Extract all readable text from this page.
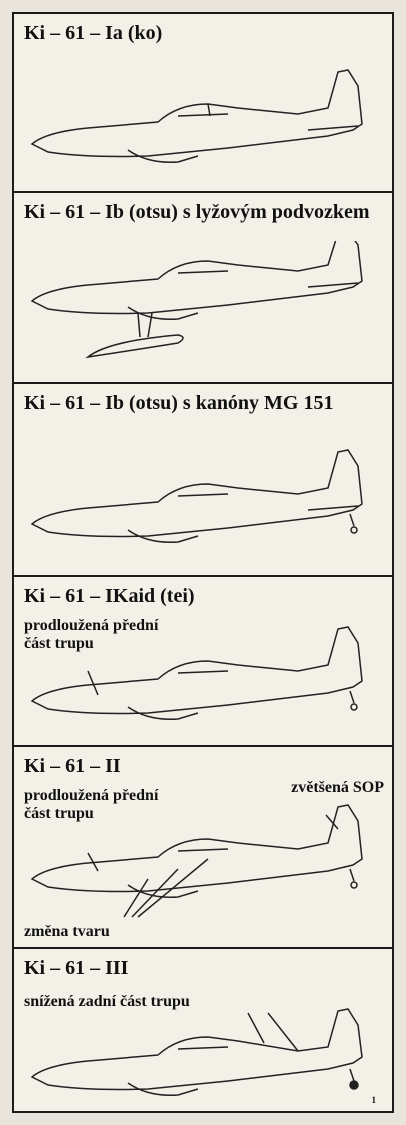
Ki – 61 – Ia (ko)
Ki – 61 – Ib (otsu) s lyžovým podvozkem
Ki – 61 – Ib (otsu) s kanóny MG 151
Ki – 61 – IKaid (tei)
prodloužená přední
část trupu
Ki – 61 – II
prodloužená přední
část trupu
zvětšená SOP
změna tvaru
Ki – 61 – III
snížená zadní část trupu
1
